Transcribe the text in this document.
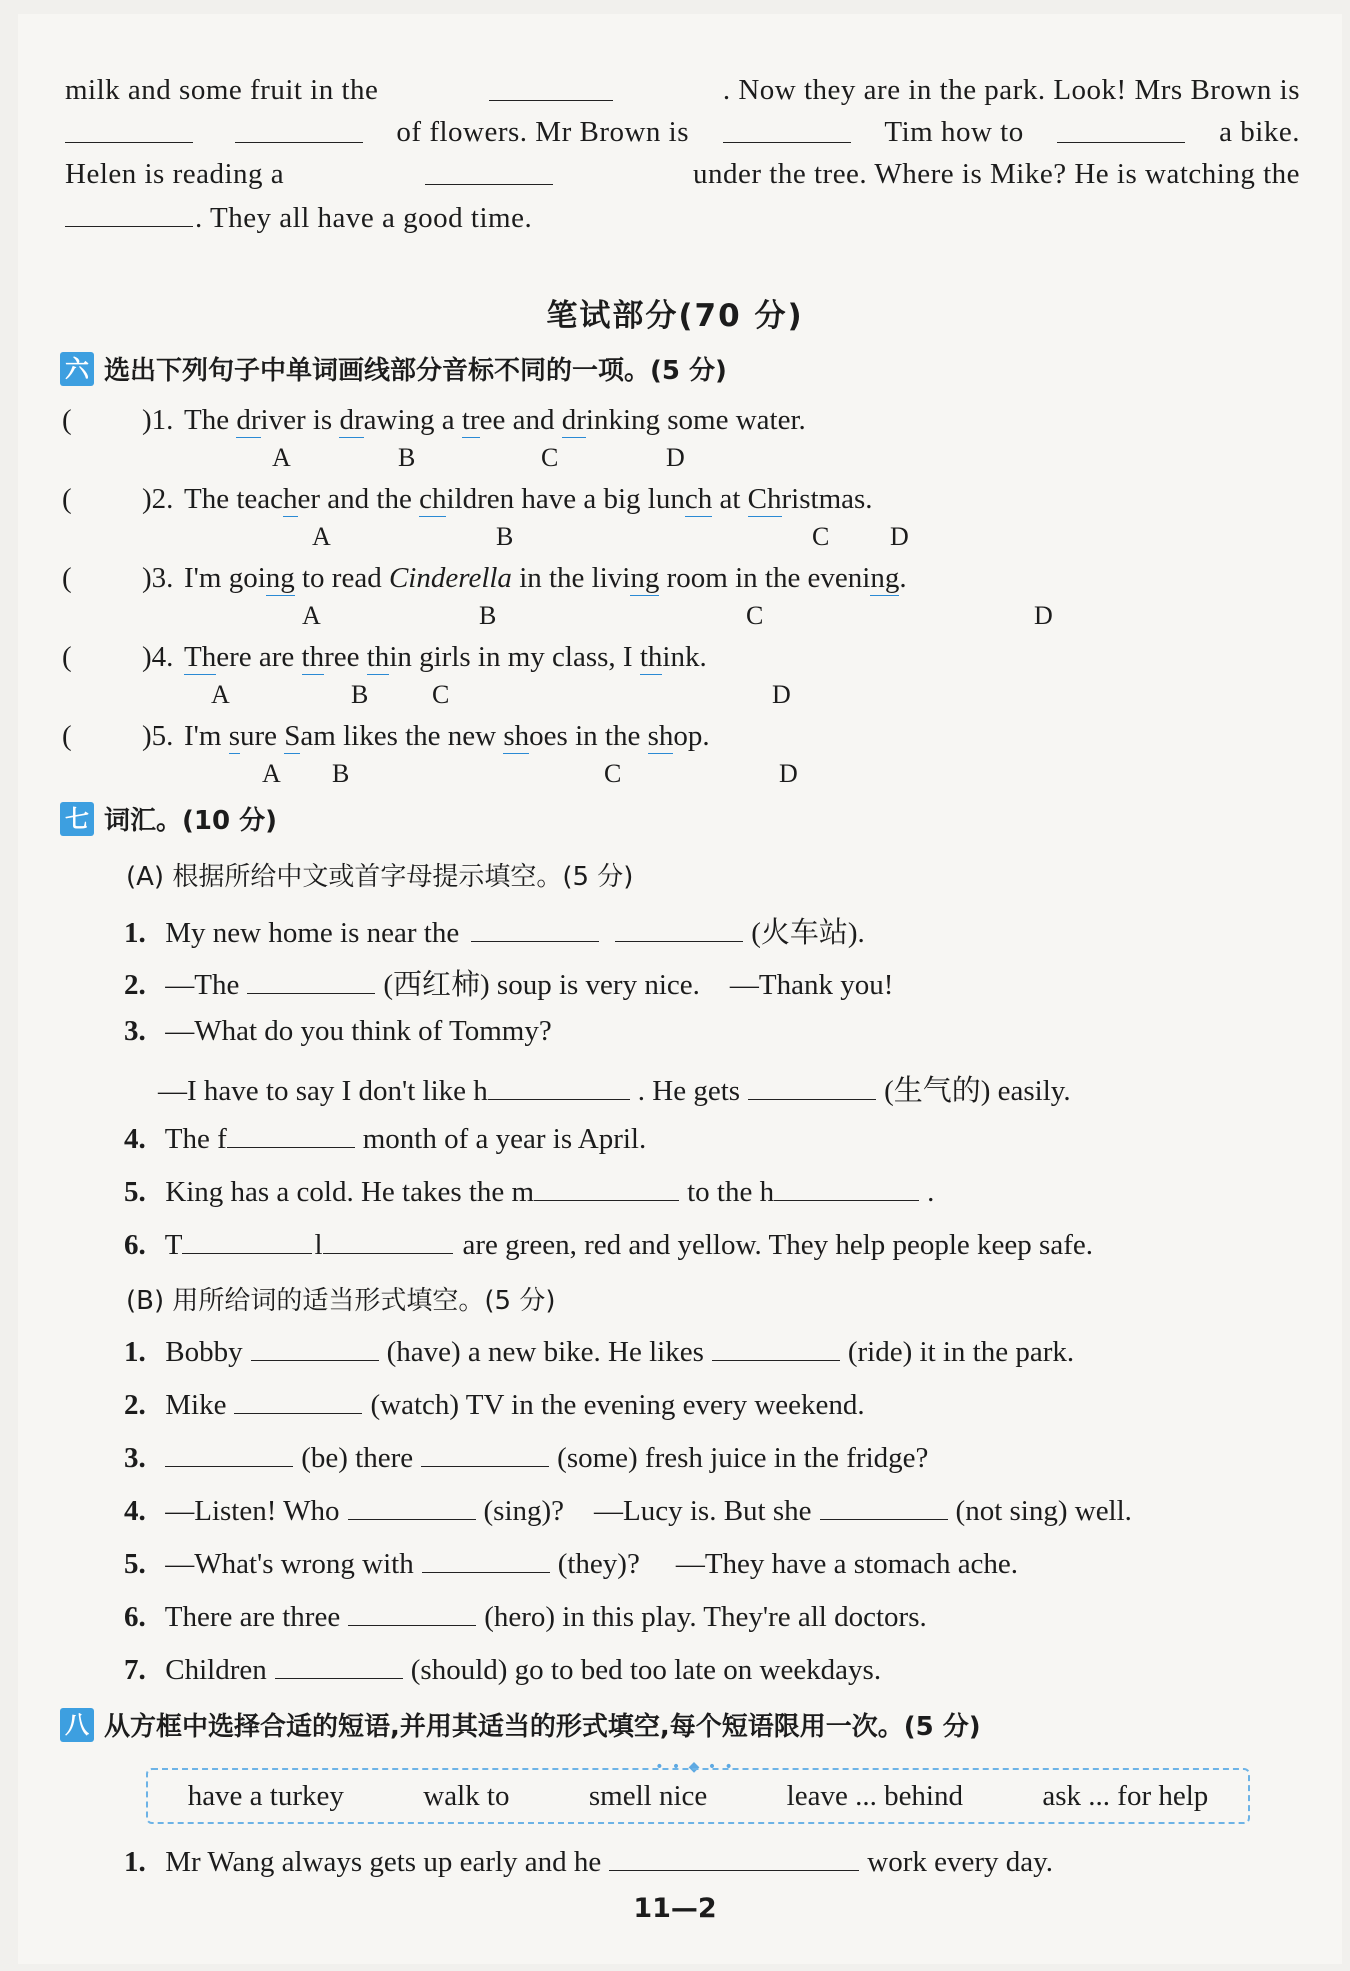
milk and some fruit in the	. Now they are in the park. Look! Mrs Brown is
of flowers. Mr Brown is	Tim how to	a bike.
Helen is reading a	under the tree. Where is Mike? He is watching the
. They all have a good time.
笔试部分(70 分)
六 选出下列句子中单词画线部分音标不同的一项。(5 分)
( )1. The driver is drawing a tree and drinking some water.
A	B	C	D
( )2. The teacher and the children have a big lunch at Christmas.
A	B	C D
( )3. I'm going to read Cinderella in the living room in the evening.
A	B	C	D
( )4. There are three thin girls in my class, I think.
A	B C	D
( )5. I'm sure Sam likes the new shoes in the shop.
A B	C	D
七 词汇。(10 分)
(A) 根据所给中文或首字母提示填空。(5 分)
1. My new home is near the	(火车站).
2. —The	(西红柿) soup is very nice. —Thank you!
3. —What do you think of Tommy?
—I have to say I don't like h	. He gets	(生气的) easily.
4. The f	month of a year is April.
5. King has a cold. He takes the m	to the h	.
6. T	l	are green, red and yellow. They help people keep safe.
(B) 用所给词的适当形式填空。(5 分)
1. Bobby	(have) a new bike. He likes	(ride) it in the park.
2. Mike	(watch) TV in the evening every weekend.
3.	(be) there	(some) fresh juice in the fridge?
4. —Listen! Who	(sing)? —Lucy is. But she	(not sing) well.
5. —What's wrong with	(they)? —They have a stomach ache.
6. There are three	(hero) in this play. They're all doctors.
7. Children	(should) go to bed too late on weekdays.
八 从方框中选择合适的短语,并用其适当的形式填空,每个短语限用一次。(5 分)
• • ◆ • •
have a turkey	walk to	smell nice	leave ... behind	ask ... for help
1. Mr Wang always gets up early and he	work every day.
11—2
